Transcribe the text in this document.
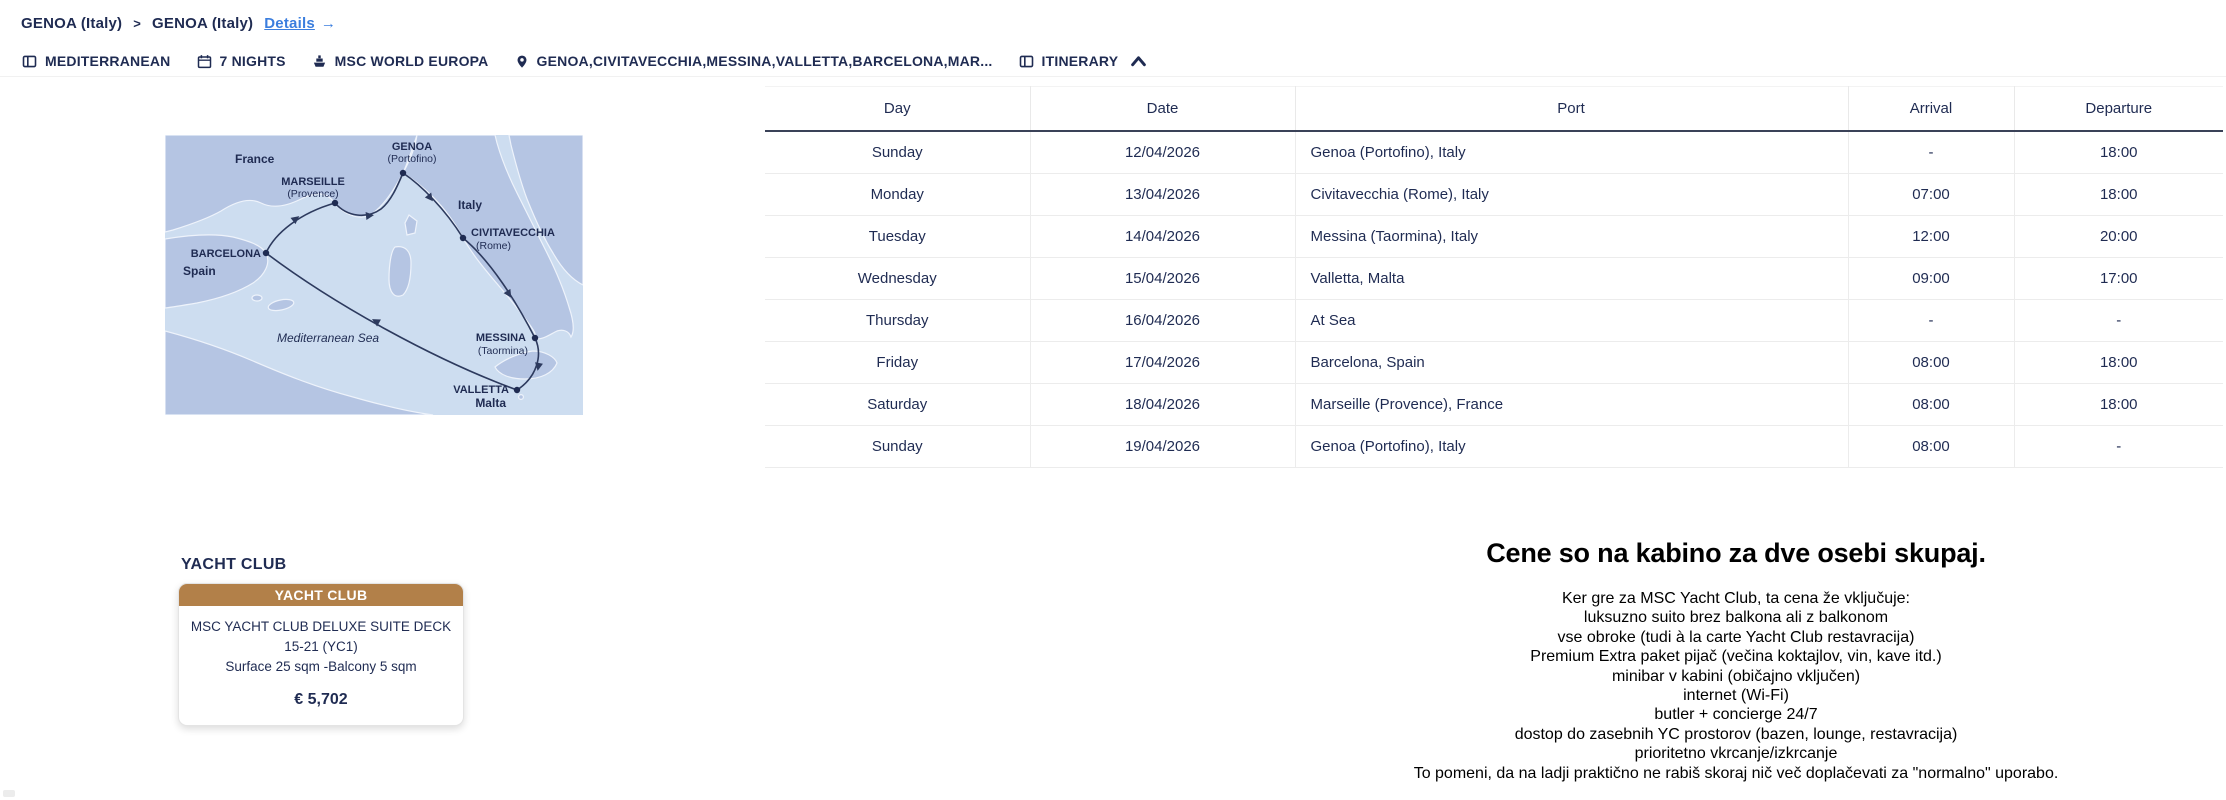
GENOA (Italy) > GENOA (Italy) Details →
MEDITERRANEAN	7 NIGHTS	MSC WORLD EUROPA	GENOA,CIVITAVECCHIA,MESSINA,VALLETTA,BARCELONA,MAR...	ITINERARY
Day	Date	Port	Arrival	Departure
Sunday	12/04/2026	Genoa (Portofino), Italy	-	18:00
Monday	13/04/2026	Civitavecchia (Rome), Italy	07:00	18:00
Tuesday	14/04/2026	Messina (Taormina), Italy	12:00	20:00
Wednesday	15/04/2026	Valletta, Malta	09:00	17:00
Thursday	16/04/2026	At Sea	-	-
Friday	17/04/2026	Barcelona, Spain	08:00	18:00
Saturday	18/04/2026	Marseille (Provence), France	08:00	18:00
Sunday	19/04/2026	Genoa (Portofino), Italy	08:00	-
France
GENOA
(Portofino)
MARSEILLE
(Provence)
Italy
CIVITAVECCHIA
(Rome)
BARCELONA
Spain
Mediterranean Sea	MESSINA
(Taormina)
VALLETTA
Malta
YACHT CLUB
YACHT CLUB
MSC YACHT CLUB DELUXE SUITE DECK 15-21 (YC1)
Surface 25 sqm -Balcony 5 sqm
€ 5,702
Cene so na kabino za dve osebi skupaj.
Ker gre za MSC Yacht Club, ta cena že vključuje:
luksuzno suito brez balkona ali z balkonom
vse obroke (tudi à la carte Yacht Club restavracija)
Premium Extra paket pijač (večina koktajlov, vin, kave itd.)
minibar v kabini (običajno vključen)
internet (Wi-Fi)
butler + concierge 24/7
dostop do zasebnih YC prostorov (bazen, lounge, restavracija)
prioritetno vkrcanje/izkrcanje
To pomeni, da na ladji praktično ne rabiš skoraj nič več doplačevati za "normalno" uporabo.
